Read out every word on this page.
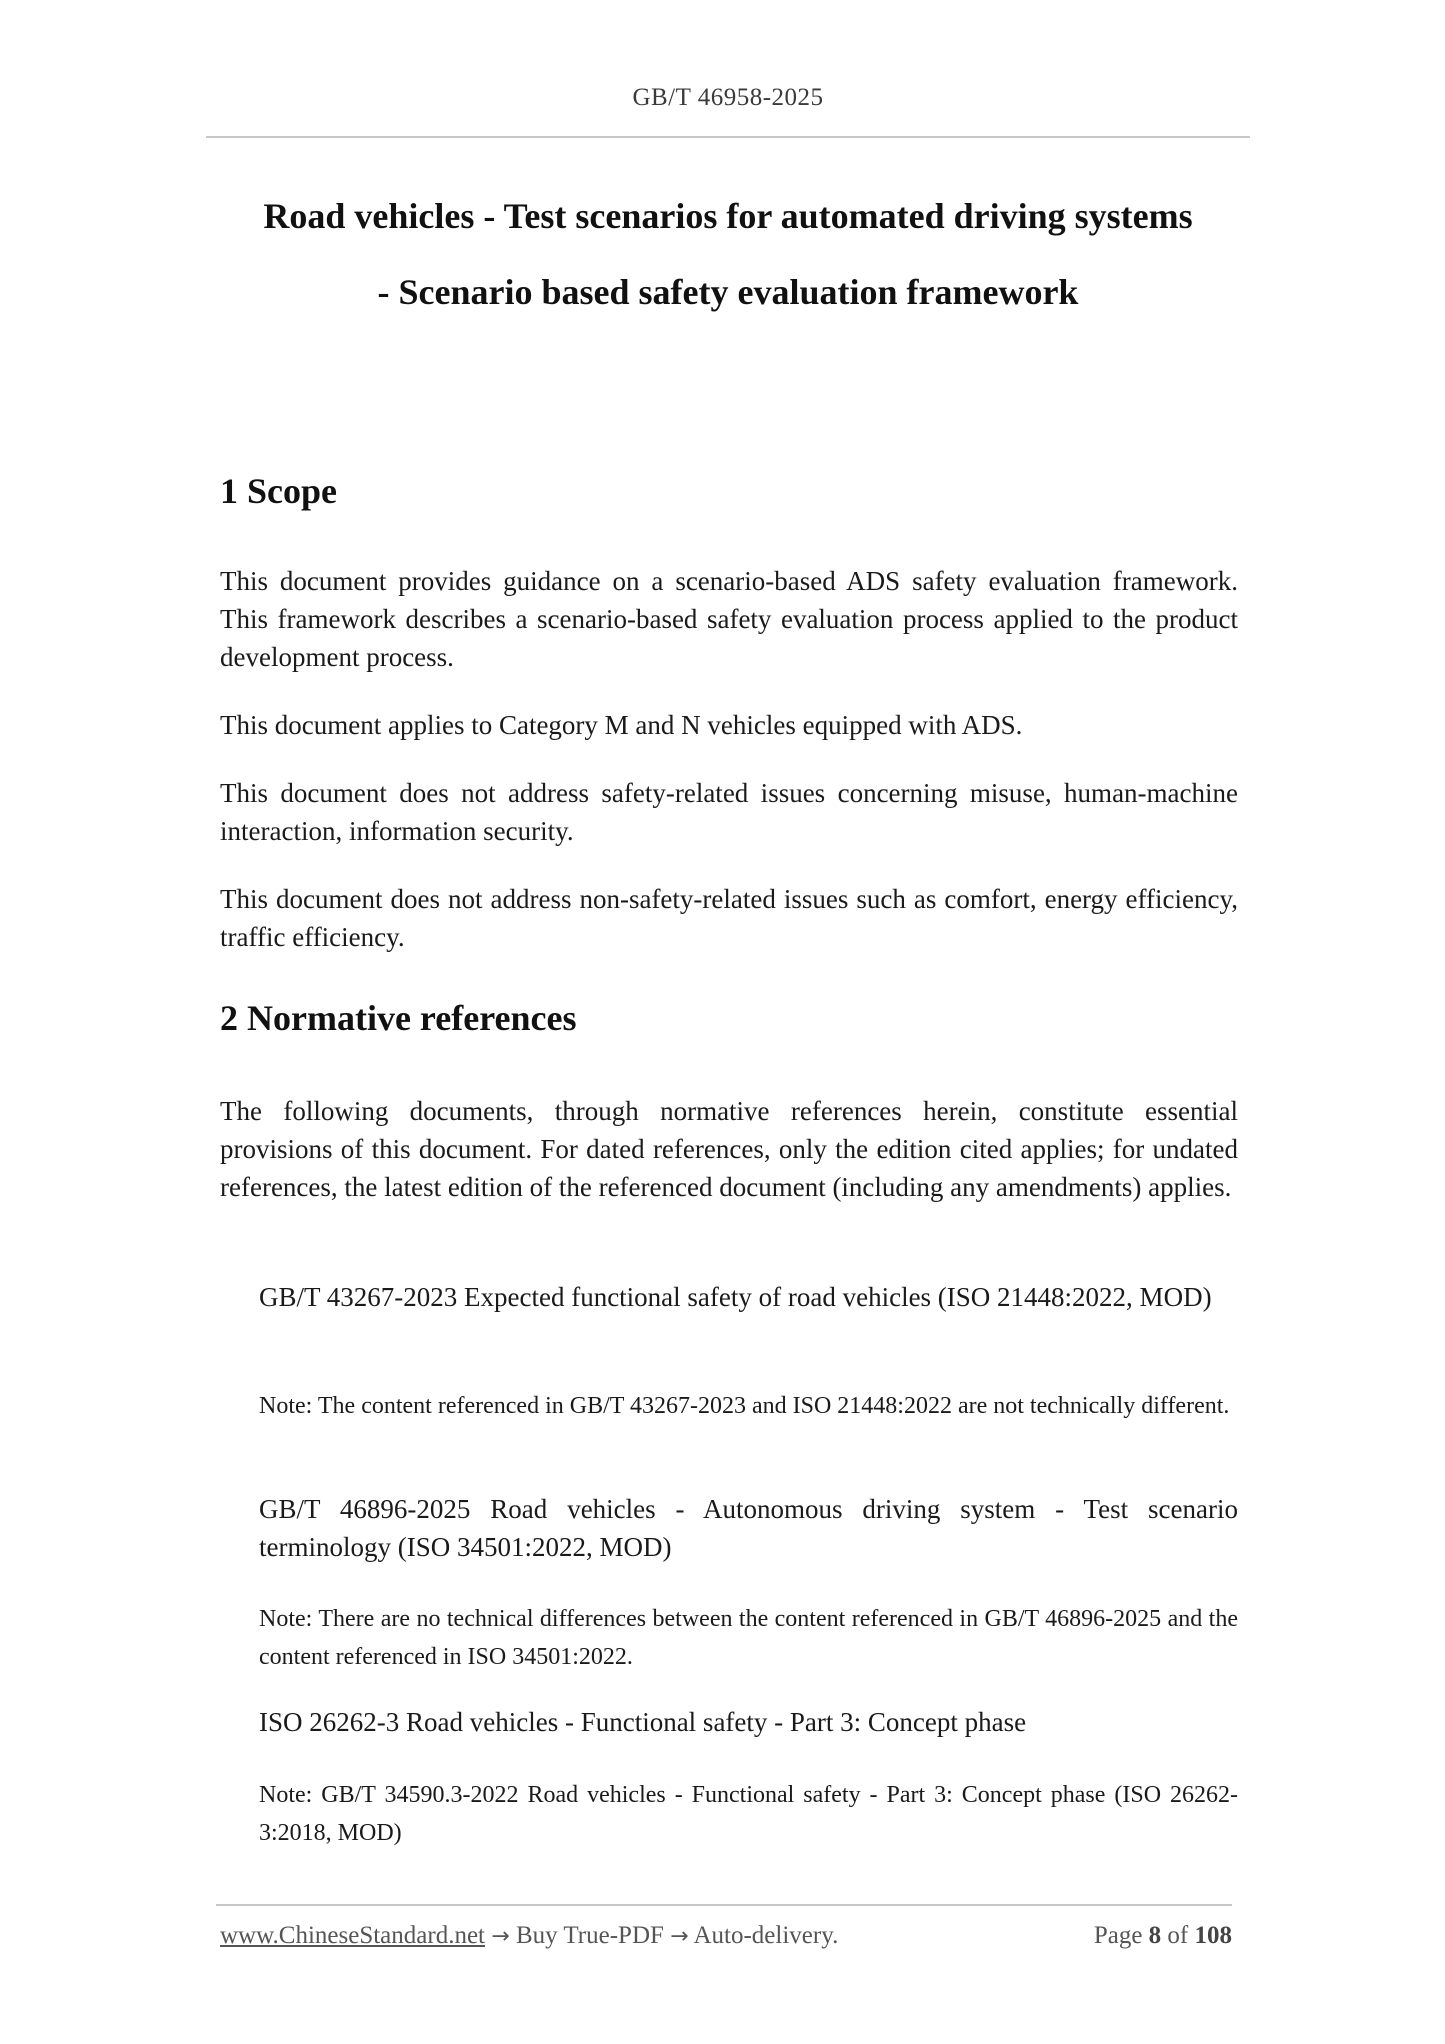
GB/T 46958-2025
Road vehicles - Test scenarios for automated driving systems
- Scenario based safety evaluation framework
1 Scope

This document provides guidance on a scenario-based ADS safety evaluation framework. This framework describes a scenario-based safety evaluation process applied to the product development process.

This document applies to Category M and N vehicles equipped with ADS.

This document does not address safety-related issues concerning misuse, human-machine interaction, information security.

This document does not address non-safety-related issues such as comfort, energy efficiency, traffic efficiency.

2 Normative references

The following documents, through normative references herein, constitute essential provisions of this document. For dated references, only the edition cited applies; for undated references, the latest edition of the referenced document (including any amendments) applies.

GB/T 43267-2023 Expected functional safety of road vehicles (ISO 21448:2022, MOD)

Note: The content referenced in GB/T 43267-2023 and ISO 21448:2022 are not technically different.

GB/T 46896-2025 Road vehicles - Autonomous driving system - Test scenario terminology (ISO 34501:2022, MOD)

Note: There are no technical differences between the content referenced in GB/T 46896-2025 and the content referenced in ISO 34501:2022.

ISO 26262-3 Road vehicles - Functional safety - Part 3: Concept phase

Note: GB/T 34590.3-2022 Road vehicles - Functional safety - Part 3: Concept phase (ISO 26262-3:2018, MOD)

www.ChineseStandard.net → Buy True-PDF → Auto-delivery.	Page 8 of 108
